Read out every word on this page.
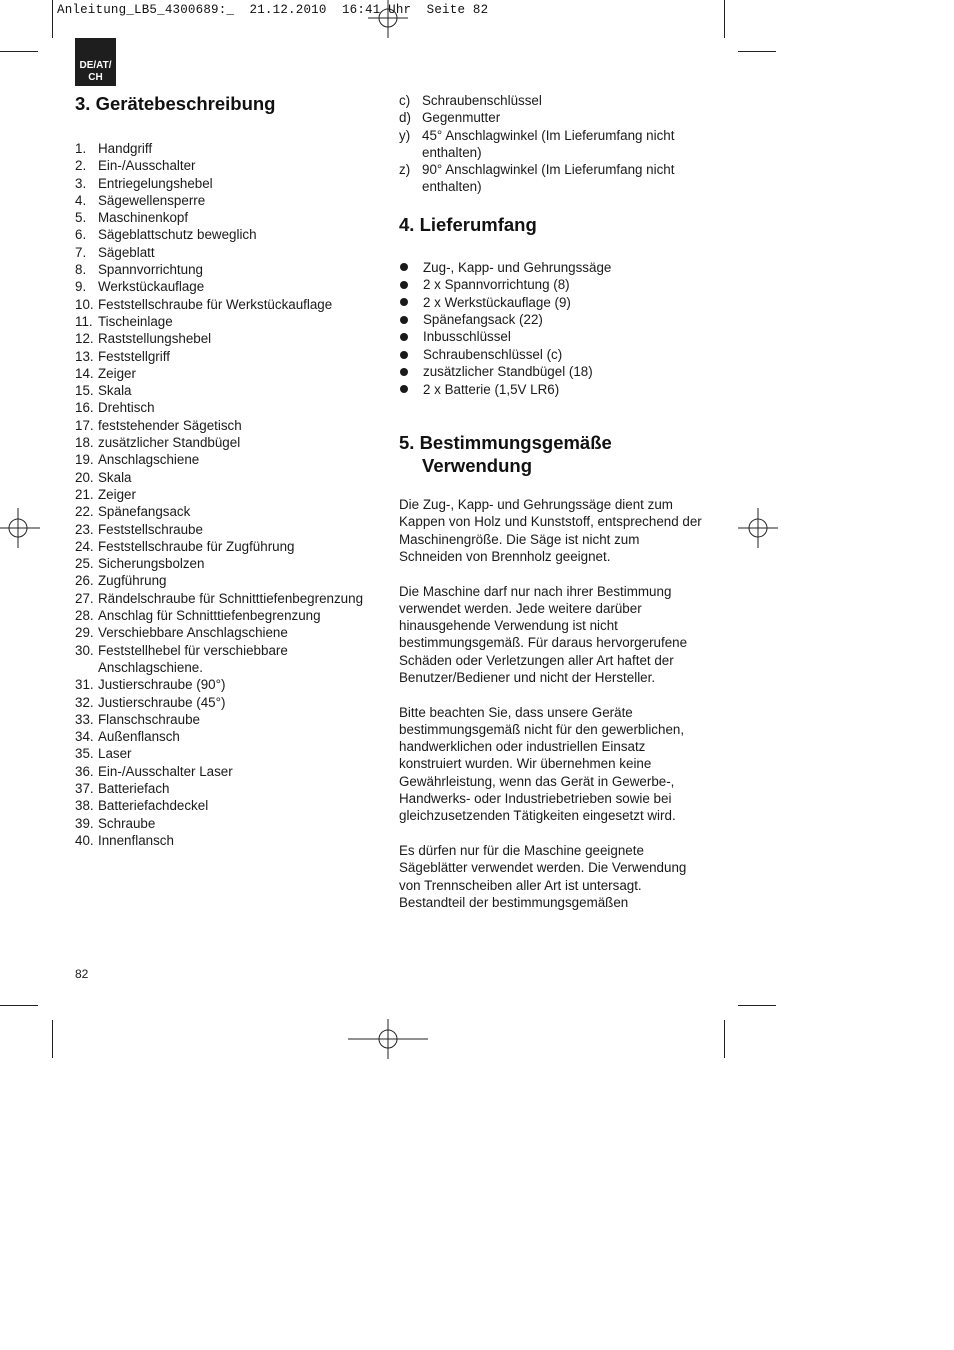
Anleitung_LB5_4300689:_  21.12.2010  16:41 Uhr  Seite 82
DE/AT/
CH
3. Gerätebeschreibung
1. Handgriff
2. Ein-/Ausschalter
3. Entriegelungshebel
4. Sägewellensperre
5. Maschinenkopf
6. Sägeblattschutz beweglich
7. Sägeblatt
8. Spannvorrichtung
9. Werkstückauflage
10. Feststellschraube für Werkstückauflage
11. Tischeinlage
12. Raststellungshebel
13. Feststellgriff
14. Zeiger
15. Skala
16. Drehtisch
17. feststehender Sägetisch
18. zusätzlicher Standbügel
19. Anschlagschiene
20. Skala
21. Zeiger
22. Spänefangsack
23. Feststellschraube
24. Feststellschraube für Zugführung
25. Sicherungsbolzen
26. Zugführung
27. Rändelschraube für Schnitttiefenbegrenzung
28. Anschlag für Schnitttiefenbegrenzung
29. Verschiebbare Anschlagschiene
30. Feststellhebel für verschiebbare Anschlagschiene.
31. Justierschraube (90°)
32. Justierschraube (45°)
33. Flanschschraube
34. Außenflansch
35. Laser
36. Ein-/Ausschalter Laser
37. Batteriefach
38. Batteriefachdeckel
39. Schraube
40. Innenflansch
c) Schraubenschlüssel
d) Gegenmutter
y) 45° Anschlagwinkel (Im Lieferumfang nicht enthalten)
z) 90° Anschlagwinkel (Im Lieferumfang nicht enthalten)
4. Lieferumfang
Zug-, Kapp- und Gehrungssäge
2 x Spannvorrichtung (8)
2 x Werkstückauflage (9)
Spänefangsack (22)
Inbusschlüssel
Schraubenschlüssel (c)
zusätzlicher Standbügel (18)
2 x Batterie (1,5V LR6)
5. Bestimmungsgemäße
Verwendung

Die Zug-, Kapp- und Gehrungssäge dient zum Kappen von Holz und Kunststoff, entsprechend der Maschinengröße. Die Säge ist nicht zum Schneiden von Brennholz geeignet.

Die Maschine darf nur nach ihrer Bestimmung verwendet werden. Jede weitere darüber hinausgehende Verwendung ist nicht bestimmungsgemäß. Für daraus hervorgerufene Schäden oder Verletzungen aller Art haftet der Benutzer/Bediener und nicht der Hersteller.

Bitte beachten Sie, dass unsere Geräte bestimmungsgemäß nicht für den gewerblichen, handwerklichen oder industriellen Einsatz konstruiert wurden. Wir übernehmen keine Gewährleistung, wenn das Gerät in Gewerbe-, Handwerks- oder Industriebetrieben sowie bei gleichzusetzenden Tätigkeiten eingesetzt wird.

Es dürfen nur für die Maschine geeignete Sägeblätter verwendet werden. Die Verwendung von Trennscheiben aller Art ist untersagt.

Bestandteil der bestimmungsgemäßen

82
